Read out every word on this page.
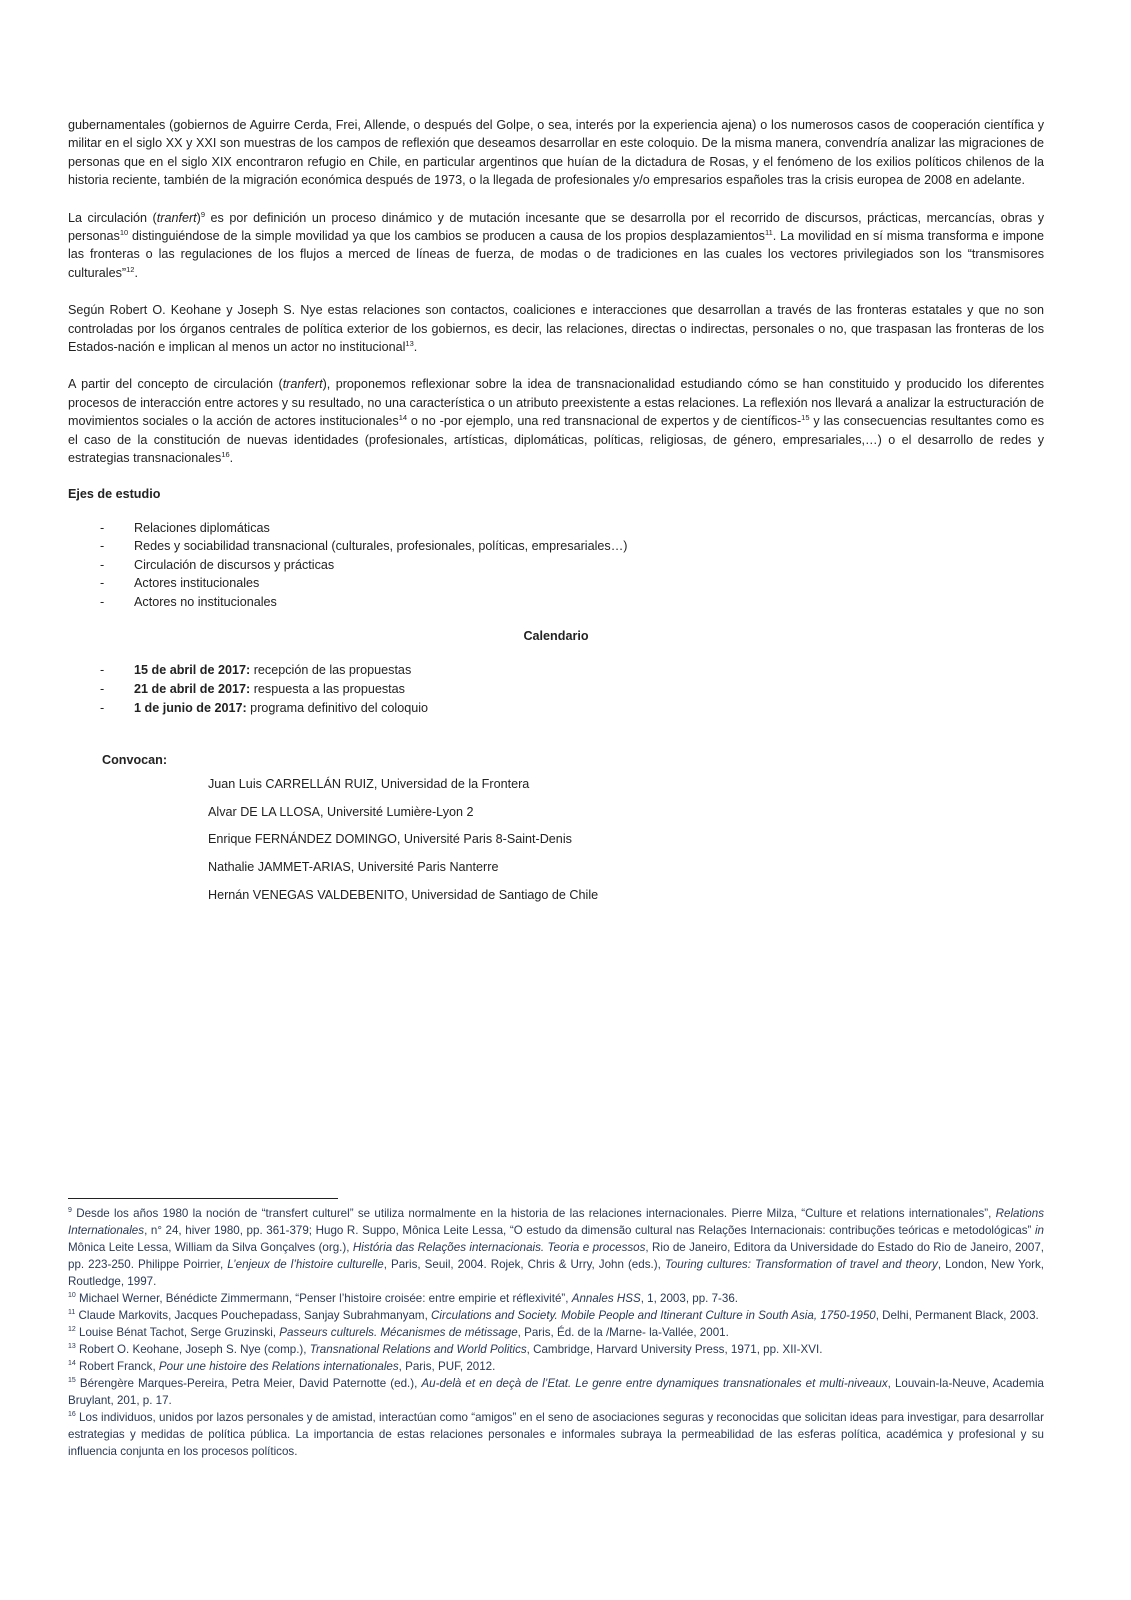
gubernamentales (gobiernos de Aguirre Cerda, Frei, Allende, o después del Golpe, o sea, interés por la experiencia ajena) o los numerosos casos de cooperación científica y militar en el siglo XX y XXI son muestras de los campos de reflexión que deseamos desarrollar en este coloquio. De la misma manera, convendría analizar las migraciones de personas que en el siglo XIX encontraron refugio en Chile, en particular argentinos que huían de la dictadura de Rosas, y el fenómeno de los exilios políticos chilenos de la historia reciente, también de la migración económica después de 1973, o la llegada de profesionales y/o empresarios españoles tras la crisis europea de 2008 en adelante.

La circulación (tranfert)$^9$ es por definición un proceso dinámico y de mutación incesante que se desarrolla por el recorrido de discursos, prácticas, mercancías, obras y personas$^{10}$ distinguiéndose de la simple movilidad ya que los cambios se producen a causa de los propios desplazamientos$^{11}$. La movilidad en sí misma transforma e impone las fronteras o las regulaciones de los flujos a merced de líneas de fuerza, de modas o de tradiciones en las cuales los vectores privilegiados son los “transmisores culturales”$^{12}$.

Según Robert O. Keohane y Joseph S. Nye estas relaciones son contactos, coaliciones e interacciones que desarrollan a través de las fronteras estatales y que no son controladas por los órganos centrales de política exterior de los gobiernos, es decir, las relaciones, directas o indirectas, personales o no, que traspasan las fronteras de los Estados-nación e implican al menos un actor no institucional$^{13}$.

A partir del concepto de circulación (tranfert), proponemos reflexionar sobre la idea de transnacionalidad estudiando cómo se han constituido y producido los diferentes procesos de interacción entre actores y su resultado, no una característica o un atributo preexistente a estas relaciones. La reflexión nos llevará a analizar la estructuración de movimientos sociales o la acción de actores institucionales$^{14}$ o no -por ejemplo, una red transnacional de expertos y de científicos-$^{15}$ y las consecuencias resultantes como es el caso de la constitución de nuevas identidades (profesionales, artísticas, diplomáticas, políticas, religiosas, de género, empresariales,…) o el desarrollo de redes y estrategias transnacionales$^{16}$.

Ejes de estudio
- Relaciones diplomáticas
- Redes y sociabilidad transnacional (culturales, profesionales, políticas, empresariales…)
- Circulación de discursos y prácticas
- Actores institucionales
- Actores no institucionales
Calendario
- 15 de abril de 2017: recepción de las propuestas
- 21 de abril de 2017: respuesta a las propuestas
- 1 de junio de 2017: programa definitivo del coloquio
Convocan:
Juan Luis CARRELLÁN RUIZ, Universidad de la Frontera
Alvar DE LA LLOSA, Université Lumière-Lyon 2
Enrique FERNÁNDEZ DOMINGO, Université Paris 8-Saint-Denis
Nathalie JAMMET-ARIAS, Université Paris Nanterre
Hernán VENEGAS VALDEBENITO, Universidad de Santiago de Chile

$^9$ Desde los años 1980 la noción de “transfert culturel” se utiliza normalmente en la historia de las relaciones internacionales. Pierre Milza, “Culture et relations internationales”, Relations Internationales, n° 24, hiver 1980, pp. 361-379; Hugo R. Suppo, Mônica Leite Lessa, “O estudo da dimensão cultural nas Relações Internacionais: contribuções teóricas e metodológicas” in Mônica Leite Lessa, William da Silva Gonçalves (org.), História das Relações internacionais. Teoria e processos, Rio de Janeiro, Editora da Universidade do Estado do Rio de Janeiro, 2007, pp. 223-250. Philippe Poirrier, L’enjeux de l’histoire culturelle, Paris, Seuil, 2004. Rojek, Chris & Urry, John (eds.), Touring cultures: Transformation of travel and theory, London, New York, Routledge, 1997.

$^{10}$ Michael Werner, Bénédicte Zimmermann, “Penser l’histoire croisée: entre empirie et réflexivité”, Annales HSS, 1, 2003, pp. 7-36.

$^{11}$ Claude Markovits, Jacques Pouchepadass, Sanjay Subrahmanyam, Circulations and Society. Mobile People and Itinerant Culture in South Asia, 1750-1950, Delhi, Permanent Black, 2003.

$^{12}$ Louise Bénat Tachot, Serge Gruzinski, Passeurs culturels. Mécanismes de métissage, Paris, Éd. de la /Marne- la-Vallée, 2001.

$^{13}$ Robert O. Keohane, Joseph S. Nye (comp.), Transnational Relations and World Politics, Cambridge, Harvard University Press, 1971, pp. XII-XVI.

$^{14}$ Robert Franck, Pour une histoire des Relations internationales, Paris, PUF, 2012.

$^{15}$ Bérengère Marques-Pereira, Petra Meier, David Paternotte (ed.), Au-delà et en deçà de l’Etat. Le genre entre dynamiques transnationales et multi-niveaux, Louvain-la-Neuve, Academia Bruylant, 201, p. 17.

$^{16}$ Los individuos, unidos por lazos personales y de amistad, interactúan como “amigos” en el seno de asociaciones seguras y reconocidas que solicitan ideas para investigar, para desarrollar estrategias y medidas de política pública. La importancia de estas relaciones personales e informales subraya la permeabilidad de las esferas política, académica y profesional y su influencia conjunta en los procesos políticos.
